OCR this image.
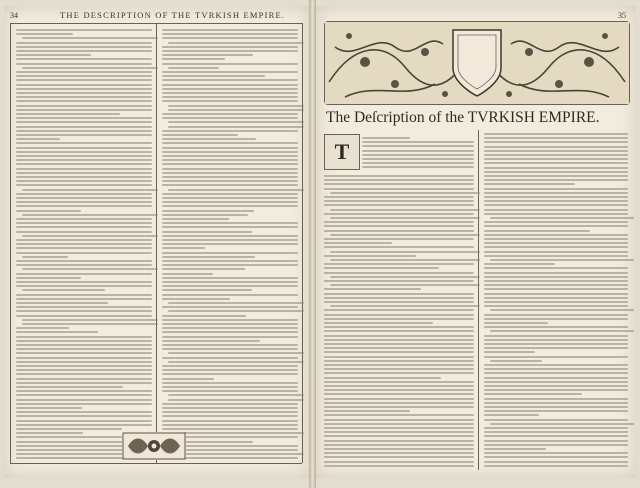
34	THE DESCRIPTION OF THE TVRKISH EMPIRE.	35
The Deſcription of the TVRKISH EMPIRE.
T
